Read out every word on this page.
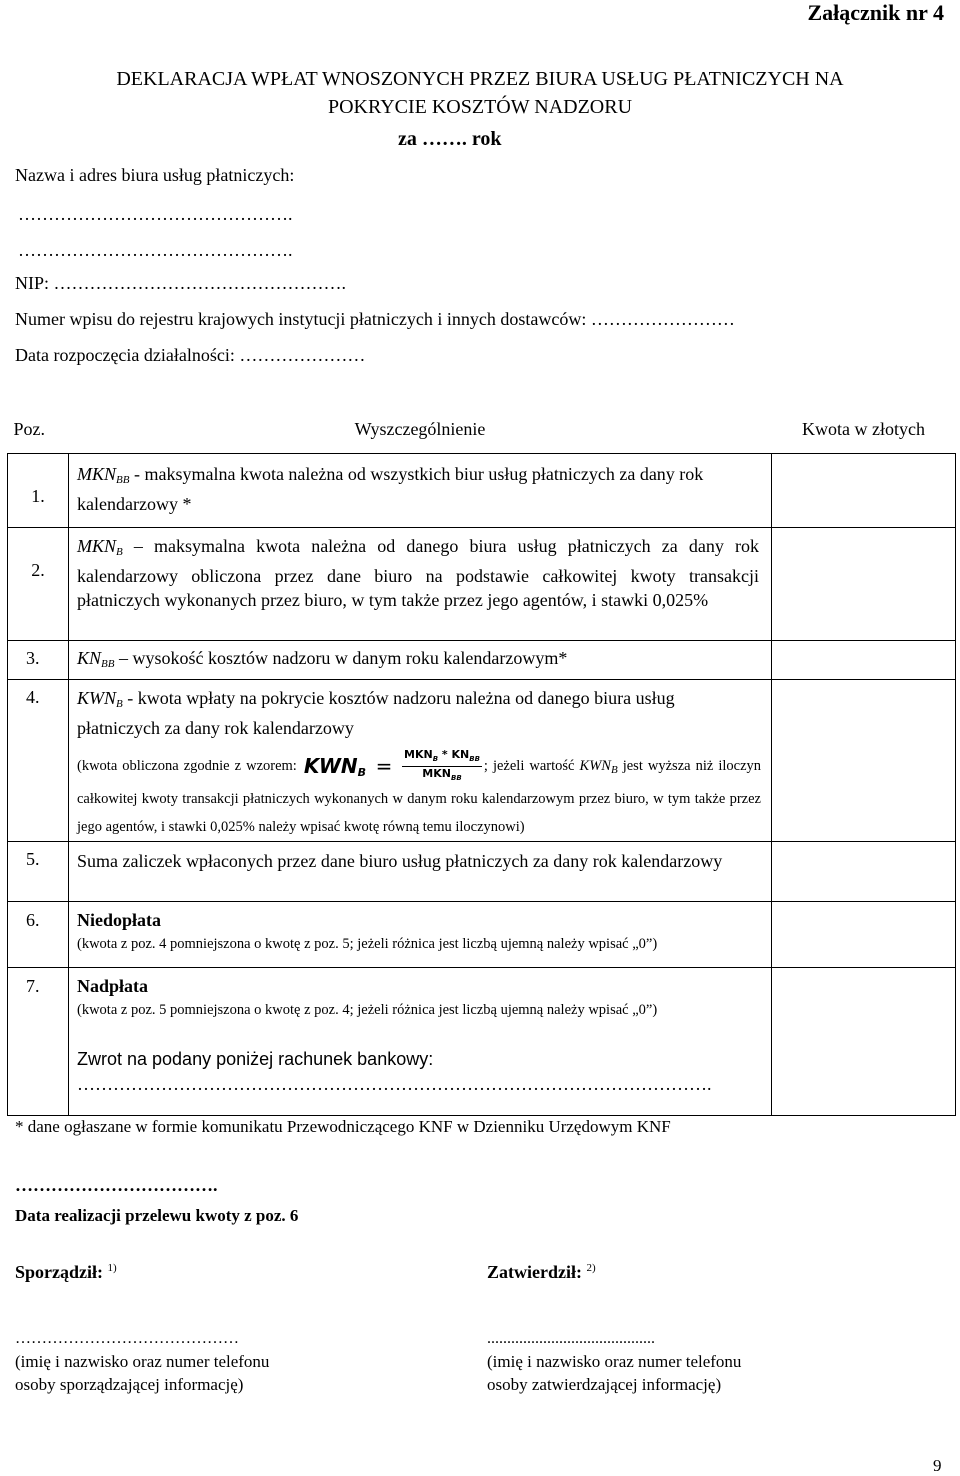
Załącznik nr 4
DEKLARACJA WPŁAT WNOSZONYCH PRZEZ BIURA USŁUG PŁATNICZYCH NA
POKRYCIE KOSZTÓW NADZORU
za ……. rok
Nazwa i adres biura usług płatniczych:
……………………………………….
……………………………………….
NIP: ………………………………………….
Numer wpisu do rejestru krajowych instytucji płatniczych i innych dostawców: ……………………
Data rozpoczęcia działalności: …………………
Poz.	Wyszczególnienie	Kwota w złotych

1.	$MKN_{BB}$ - maksymalna kwota należna od wszystkich biur usług płatniczych za dany rok kalendarzowy *	

2.	$MKN_B$ – maksymalna kwota należna od danego biura usług płatniczych za dany rok kalendarzowy obliczona przez dane biuro na podstawie całkowitej kwoty transakcji płatniczych wykonanych przez biuro, w tym także przez jego agentów, i stawki 0,025%	

3.	$KN_{BB}$ – wysokość kosztów nadzoru w danym roku kalendarzowym*	

4.	$KWN_B$ - kwota wpłaty na pokrycie kosztów nadzoru należna od danego biura usług płatniczych za dany rok kalendarzowy
(kwota obliczona zgodnie z wzorem: $KWN_B = MKN_B * KN_{BB}$
$MKN_{BB}$
; jeżeli wartość $KWN_B$ jest wyższa niż iloczyn całkowitej kwoty transakcji płatniczych wykonanych w danym roku kalendarzowym przez biuro, w tym także przez jego agentów, i stawki 0,025% należy wpisać kwotę równą temu iloczynowi)	

5.	Suma zaliczek wpłaconych przez dane biuro usług płatniczych za dany rok kalendarzowy	

6.	Niedopłata
(kwota z poz. 4 pomniejszona o kwotę z poz. 5; jeżeli różnica jest liczbą ujemną należy wpisać „0”)	

7.	Nadpłata
(kwota z poz. 5 pomniejszona o kwotę z poz. 4; jeżeli różnica jest liczbą ujemną należy wpisać „0”)
Zwrot na podany poniżej rachunek bankowy:
…………………………………………………………………………………………….	

* dane ogłaszane w formie komunikatu Przewodniczącego KNF w Dzienniku Urzędowym KNF
…………………………….
Data realizacji przelewu kwoty z poz. 6
Sporządził: $^{1)}$	Zatwierdził: $^{2)}$
……………………………………	..........................................
(imię i nazwisko oraz numer telefonu
osoby sporządzającej informację)
(imię i nazwisko oraz numer telefonu
osoby zatwierdzającej informację)
9
